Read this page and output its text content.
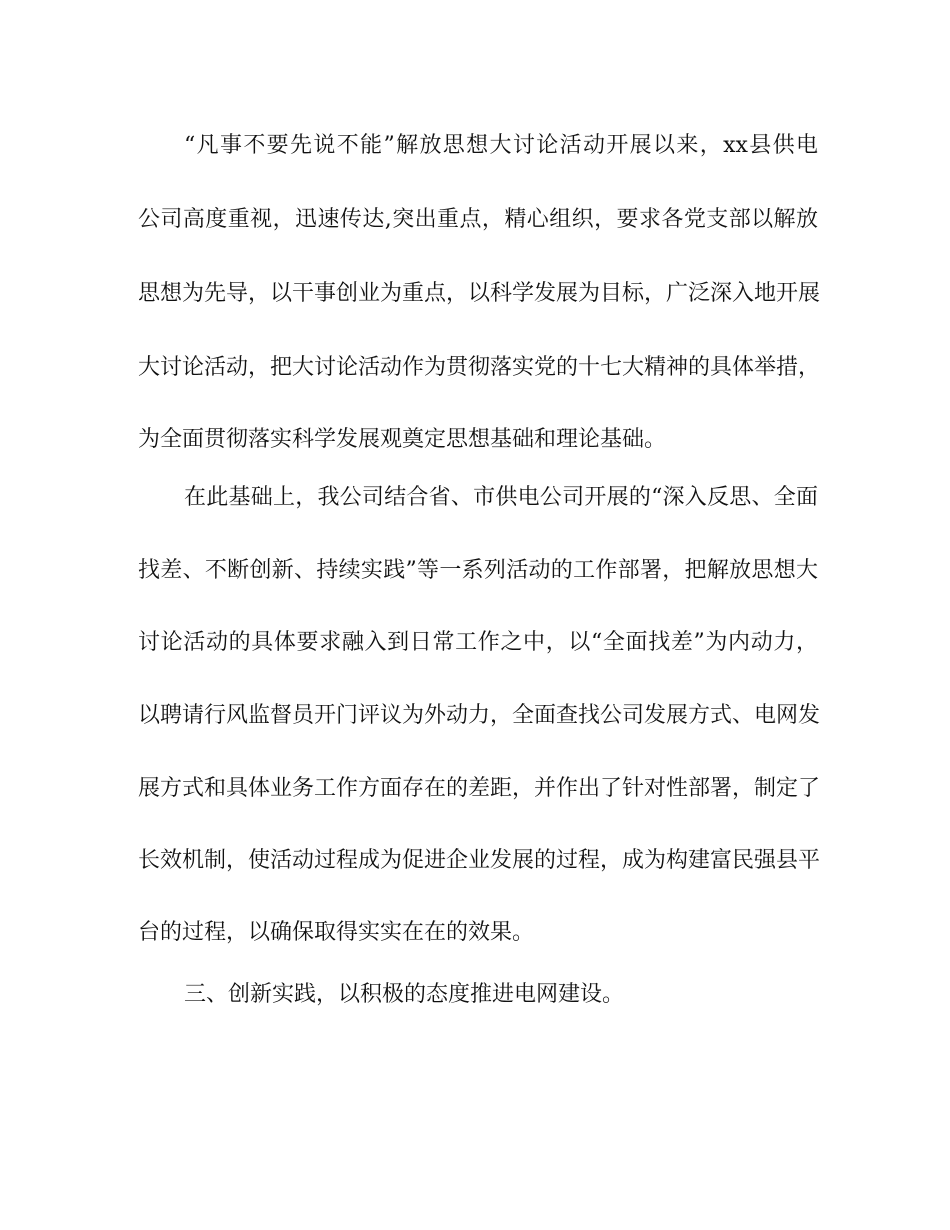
“凡事不要先说不能”解放思想大讨论活动开展以来，xx县供电
公司高度重视，迅速传达,突出重点，精心组织，要求各党支部以解放
思想为先导，以干事创业为重点，以科学发展为目标，广泛深入地开展
大讨论活动，把大讨论活动作为贯彻落实党的十七大精神的具体举措，
为全面贯彻落实科学发展观奠定思想基础和理论基础。
在此基础上，我公司结合省、市供电公司开展的“深入反思、全面
找差、不断创新、持续实践”等一系列活动的工作部署，把解放思想大
讨论活动的具体要求融入到日常工作之中，以“全面找差”为内动力，
以聘请行风监督员开门评议为外动力，全面查找公司发展方式、电网发
展方式和具体业务工作方面存在的差距，并作出了针对性部署，制定了
长效机制，使活动过程成为促进企业发展的过程，成为构建富民强县平
台的过程，以确保取得实实在在的效果。
三、创新实践，以积极的态度推进电网建设。
